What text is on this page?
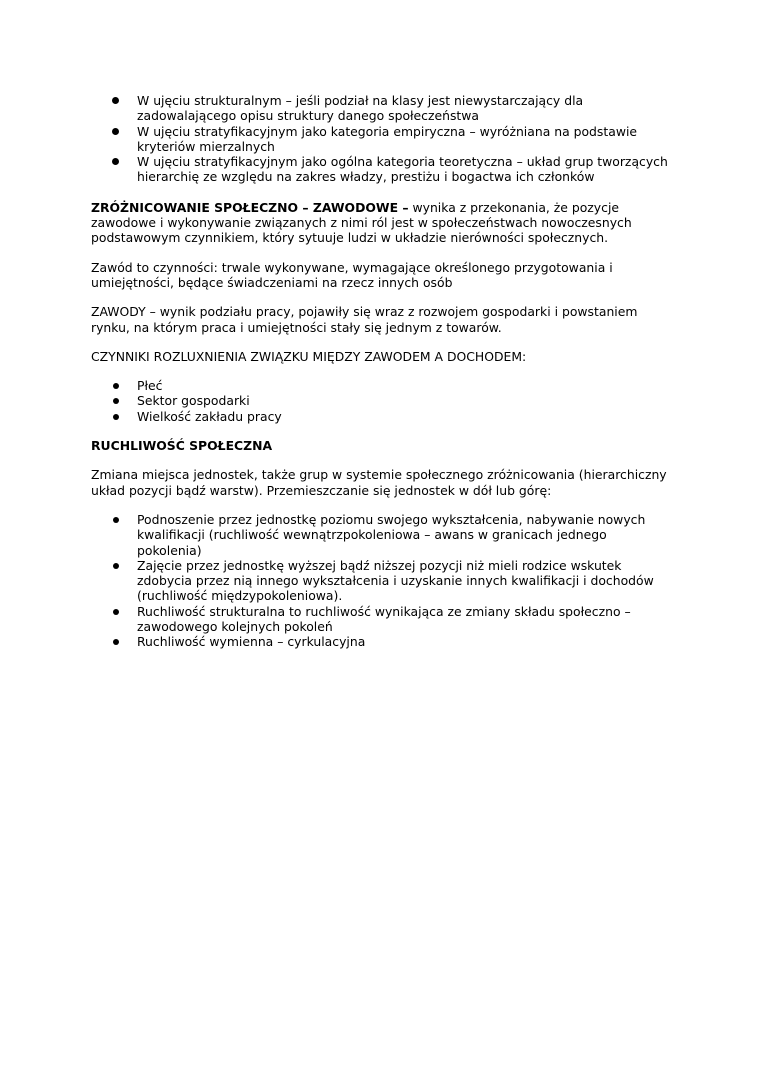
W ujęciu strukturalnym – jeśli podział na klasy jest niewystarczający dla zadowalającego opisu struktury danego społeczeństwa
W ujęciu stratyfikacyjnym jako kategoria empiryczna – wyróżniana na podstawie kryteriów mierzalnych
W ujęciu stratyfikacyjnym jako ogólna kategoria teoretyczna – układ grup tworzących hierarchię ze względu na zakres władzy, prestiżu i bogactwa ich członków

ZRÓŻNICOWANIE SPOŁECZNO – ZAWODOWE – wynika z przekonania, że pozycje zawodowe i wykonywanie związanych z nimi ról jest w społeczeństwach nowoczesnych podstawowym czynnikiem, który sytuuje ludzi w układzie nierówności społecznych.

Zawód to czynności: trwale wykonywane, wymagające określonego przygotowania i umiejętności, będące świadczeniami na rzecz innych osób

ZAWODY – wynik podziału pracy, pojawiły się wraz z rozwojem gospodarki i powstaniem rynku, na którym praca i umiejętności stały się jednym z towarów.

CZYNNIKI ROZLUXNIENIA ZWIĄZKU MIĘDZY ZAWODEM A DOCHODEM:

Płeć
Sektor gospodarki
Wielkość zakładu pracy

RUCHLIWOŚĆ SPOŁECZNA

Zmiana miejsca jednostek, także grup w systemie społecznego zróżnicowania (hierarchiczny układ pozycji bądź warstw). Przemieszczanie się jednostek w dół lub górę:

Podnoszenie przez jednostkę poziomu swojego wykształcenia, nabywanie nowych kwalifikacji (ruchliwość wewnątrzpokoleniowa – awans w granicach jednego pokolenia)
Zajęcie przez jednostkę wyższej bądź niższej pozycji niż mieli rodzice wskutek zdobycia przez nią innego wykształcenia i uzyskanie innych kwalifikacji i dochodów (ruchliwość międzypokoleniowa).
Ruchliwość strukturalna to ruchliwość wynikająca ze zmiany składu społeczno – zawodowego kolejnych pokoleń
Ruchliwość wymienna – cyrkulacyjna
